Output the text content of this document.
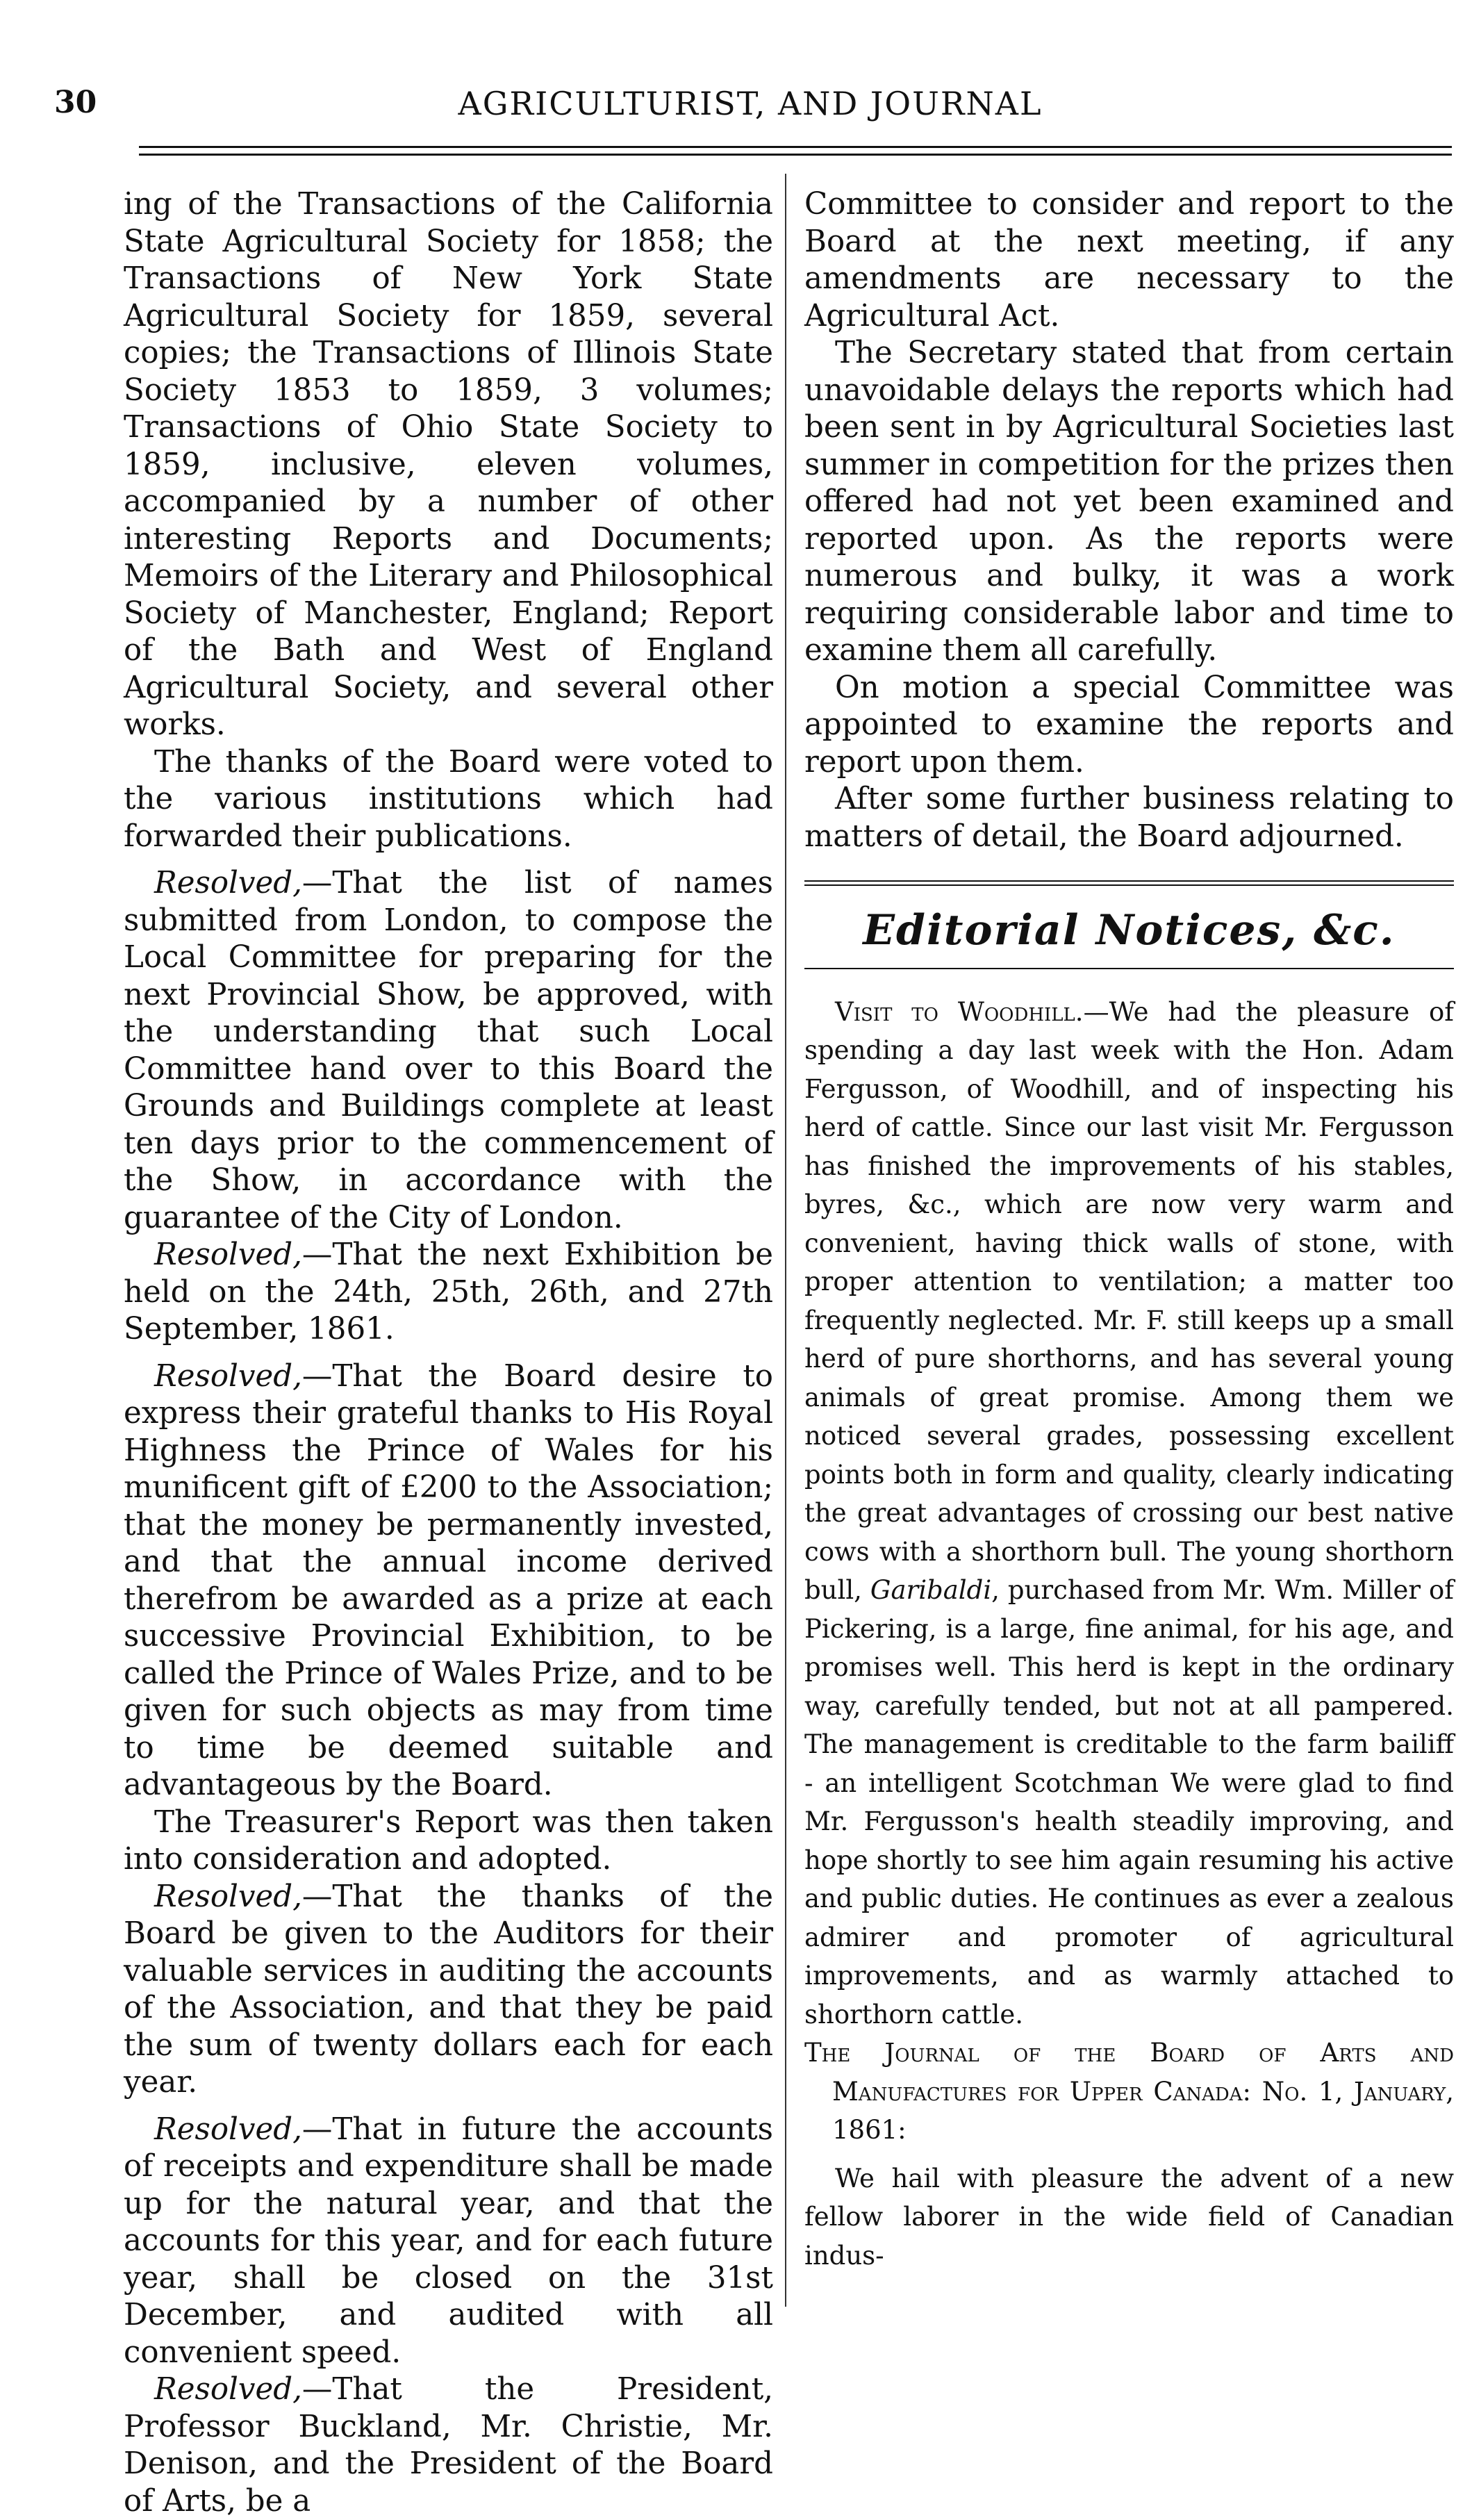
30	AGRICULTURIST, AND JOURNAL

ing of the Transactions of the California State Agricultural Society for 1858; the Transactions of New York State Agricultural Society for 1859, several copies; the Transactions of Illinois State Society 1853 to 1859, 3 volumes; Transactions of Ohio State Society to 1859, inclusive, eleven volumes, accompanied by a number of other interesting Reports and Documents; Memoirs of the Literary and Philosophical Society of Manchester, England; Report of the Bath and West of England Agricultural Society, and several other works.

The thanks of the Board were voted to the various institutions which had forwarded their publications.

Resolved,—That the list of names submitted from London, to compose the Local Committee for preparing for the next Provincial Show, be approved, with the understanding that such Local Committee hand over to this Board the Grounds and Buildings complete at least ten days prior to the commencement of the Show, in accordance with the guarantee of the City of London.

Resolved,—That the next Exhibition be held on the 24th, 25th, 26th, and 27th September, 1861.

Resolved,—That the Board desire to express their grateful thanks to His Royal Highness the Prince of Wales for his munificent gift of £200 to the Association; that the money be permanently invested, and that the annual income derived therefrom be awarded as a prize at each successive Provincial Exhibition, to be called the Prince of Wales Prize, and to be given for such objects as may from time to time be deemed suitable and advantageous by the Board.

The Treasurer's Report was then taken into consideration and adopted.

Resolved,—That the thanks of the Board be given to the Auditors for their valuable services in auditing the accounts of the Association, and that they be paid the sum of twenty dollars each for each year.

Resolved,—That in future the accounts of receipts and expenditure shall be made up for the natural year, and that the accounts for this year, and for each future year, shall be closed on the 31st December, and audited with all convenient speed.

Resolved,—That the President, Professor Buckland, Mr. Christie, Mr. Denison, and the President of the Board of Arts, be a

Committee to consider and report to the Board at the next meeting, if any amendments are necessary to the Agricultural Act.

The Secretary stated that from certain unavoidable delays the reports which had been sent in by Agricultural Societies last summer in competition for the prizes then offered had not yet been examined and reported upon. As the reports were numerous and bulky, it was a work requiring considerable labor and time to examine them all carefully.

On motion a special Committee was appointed to examine the reports and report upon them.

After some further business relating to matters of detail, the Board adjourned.

Editorial Notices, &c.

Visit to Woodhill.—We had the pleasure of spending a day last week with the Hon. Adam Fergusson, of Woodhill, and of inspecting his herd of cattle. Since our last visit Mr. Fergusson has finished the improvements of his stables, byres, &c., which are now very warm and convenient, having thick walls of stone, with proper attention to ventilation; a matter too frequently neglected. Mr. F. still keeps up a small herd of pure shorthorns, and has several young animals of great promise. Among them we noticed several grades, possessing excellent points both in form and quality, clearly indicating the great advantages of crossing our best native cows with a shorthorn bull. The young shorthorn bull, Garibaldi, purchased from Mr. Wm. Miller of Pickering, is a large, fine animal, for his age, and promises well. This herd is kept in the ordinary way, carefully tended, but not at all pampered. The management is creditable to the farm bailiff - an intelligent Scotchman We were glad to find Mr. Fergusson's health steadily improving, and hope shortly to see him again resuming his active and public duties. He continues as ever a zealous admirer and promoter of agricultural improvements, and as warmly attached to shorthorn cattle.

The Journal of the Board of Arts and Manufactures for Upper Canada: No. 1, January, 1861:

We hail with pleasure the advent of a new fellow laborer in the wide field of Canadian indus-
